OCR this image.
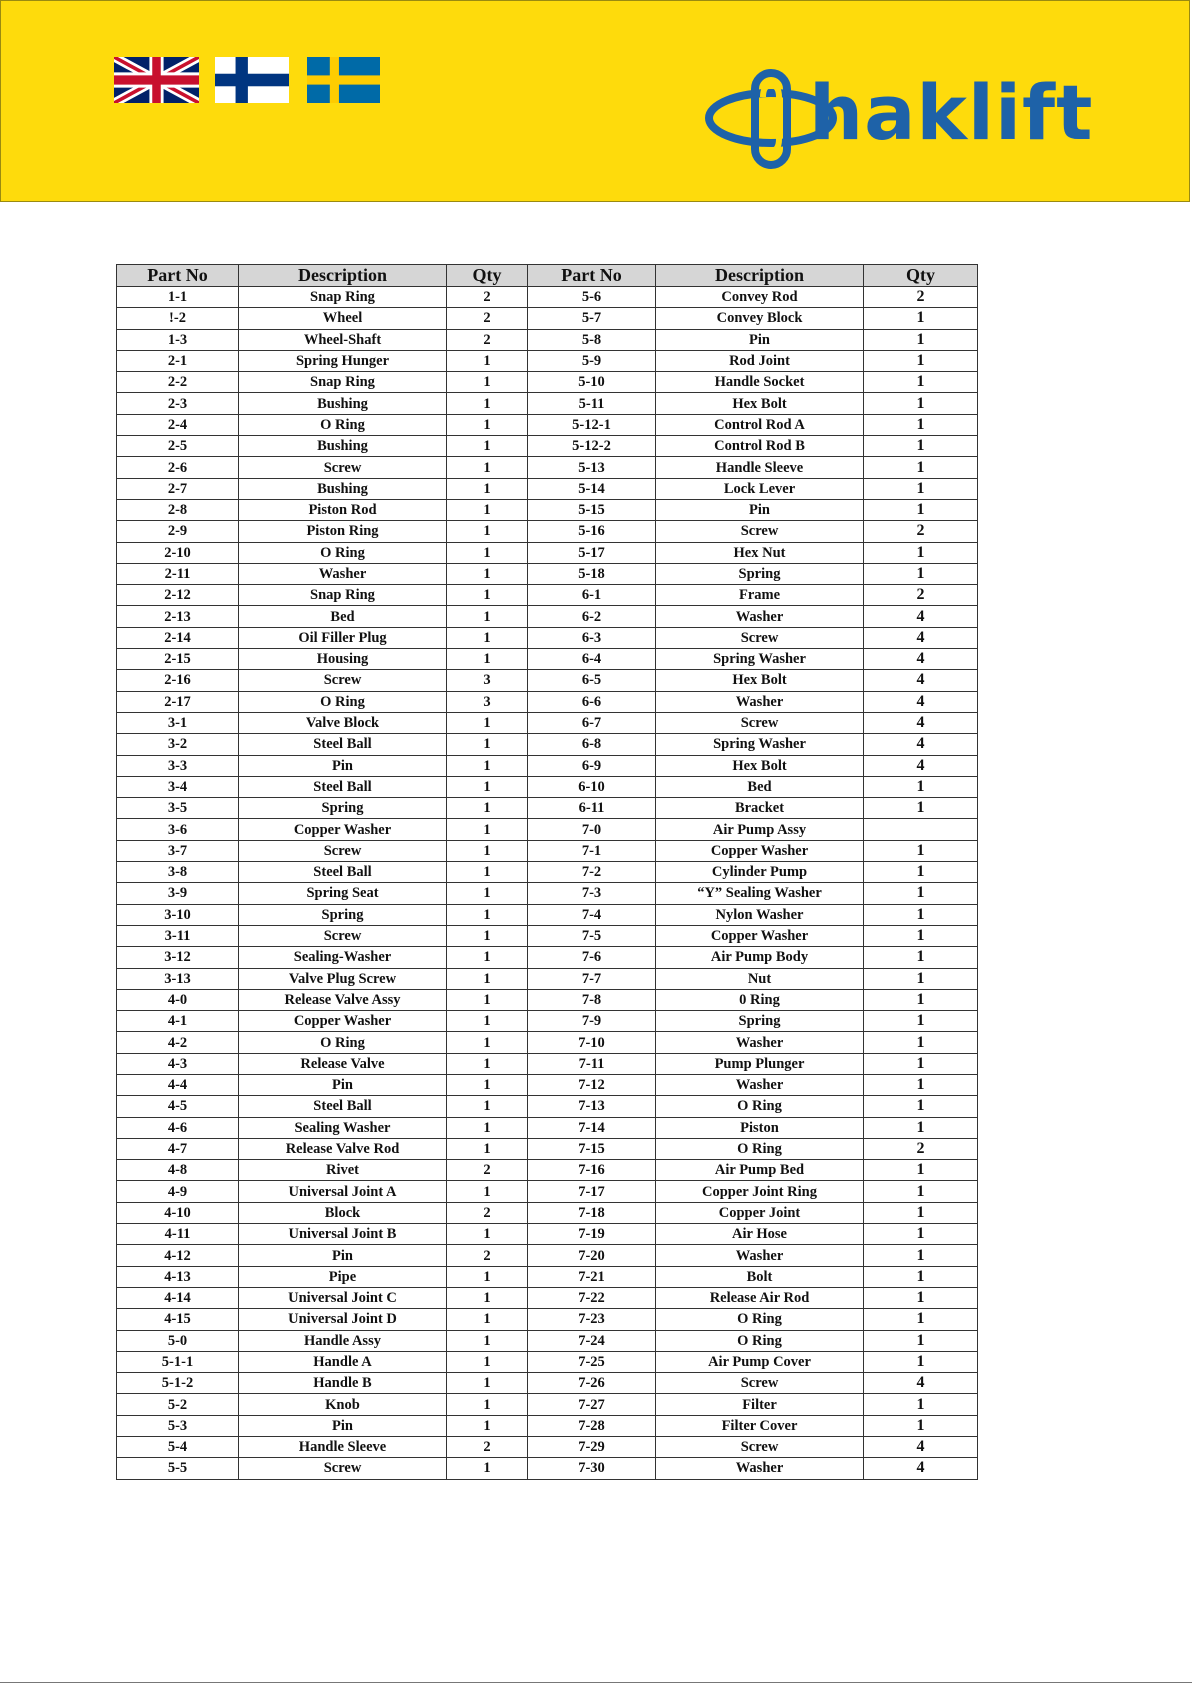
haklift
Part No	Description	Qty	Part No	Description	Qty
1-1	Snap Ring	2	5-6	Convey Rod	2
!-2	Wheel	2	5-7	Convey Block	1
1-3	Wheel-Shaft	2	5-8	Pin	1
2-1	Spring Hunger	1	5-9	Rod Joint	1
2-2	Snap Ring	1	5-10	Handle Socket	1
2-3	Bushing	1	5-11	Hex Bolt	1
2-4	O Ring	1	5-12-1	Control Rod A	1
2-5	Bushing	1	5-12-2	Control Rod B	1
2-6	Screw	1	5-13	Handle Sleeve	1
2-7	Bushing	1	5-14	Lock Lever	1
2-8	Piston Rod	1	5-15	Pin	1
2-9	Piston Ring	1	5-16	Screw	2
2-10	O Ring	1	5-17	Hex Nut	1
2-11	Washer	1	5-18	Spring	1
2-12	Snap Ring	1	6-1	Frame	2
2-13	Bed	1	6-2	Washer	4
2-14	Oil Filler Plug	1	6-3	Screw	4
2-15	Housing	1	6-4	Spring Washer	4
2-16	Screw	3	6-5	Hex Bolt	4
2-17	O Ring	3	6-6	Washer	4
3-1	Valve Block	1	6-7	Screw	4
3-2	Steel Ball	1	6-8	Spring Washer	4
3-3	Pin	1	6-9	Hex Bolt	4
3-4	Steel Ball	1	6-10	Bed	1
3-5	Spring	1	6-11	Bracket	1
3-6	Copper Washer	1	7-0	Air Pump Assy	
3-7	Screw	1	7-1	Copper Washer	1
3-8	Steel Ball	1	7-2	Cylinder Pump	1
3-9	Spring Seat	1	7-3	“Y” Sealing Washer	1
3-10	Spring	1	7-4	Nylon Washer	1
3-11	Screw	1	7-5	Copper Washer	1
3-12	Sealing-Washer	1	7-6	Air Pump Body	1
3-13	Valve Plug Screw	1	7-7	Nut	1
4-0	Release Valve Assy	1	7-8	0 Ring	1
4-1	Copper Washer	1	7-9	Spring	1
4-2	O Ring	1	7-10	Washer	1
4-3	Release Valve	1	7-11	Pump Plunger	1
4-4	Pin	1	7-12	Washer	1
4-5	Steel Ball	1	7-13	O Ring	1
4-6	Sealing Washer	1	7-14	Piston	1
4-7	Release Valve Rod	1	7-15	O Ring	2
4-8	Rivet	2	7-16	Air Pump Bed	1
4-9	Universal Joint A	1	7-17	Copper Joint Ring	1
4-10	Block	2	7-18	Copper Joint	1
4-11	Universal Joint B	1	7-19	Air Hose	1
4-12	Pin	2	7-20	Washer	1
4-13	Pipe	1	7-21	Bolt	1
4-14	Universal Joint C	1	7-22	Release Air Rod	1
4-15	Universal Joint D	1	7-23	O Ring	1
5-0	Handle Assy	1	7-24	O Ring	1
5-1-1	Handle A	1	7-25	Air Pump Cover	1
5-1-2	Handle B	1	7-26	Screw	4
5-2	Knob	1	7-27	Filter	1
5-3	Pin	1	7-28	Filter Cover	1
5-4	Handle Sleeve	2	7-29	Screw	4
5-5	Screw	1	7-30	Washer	4
